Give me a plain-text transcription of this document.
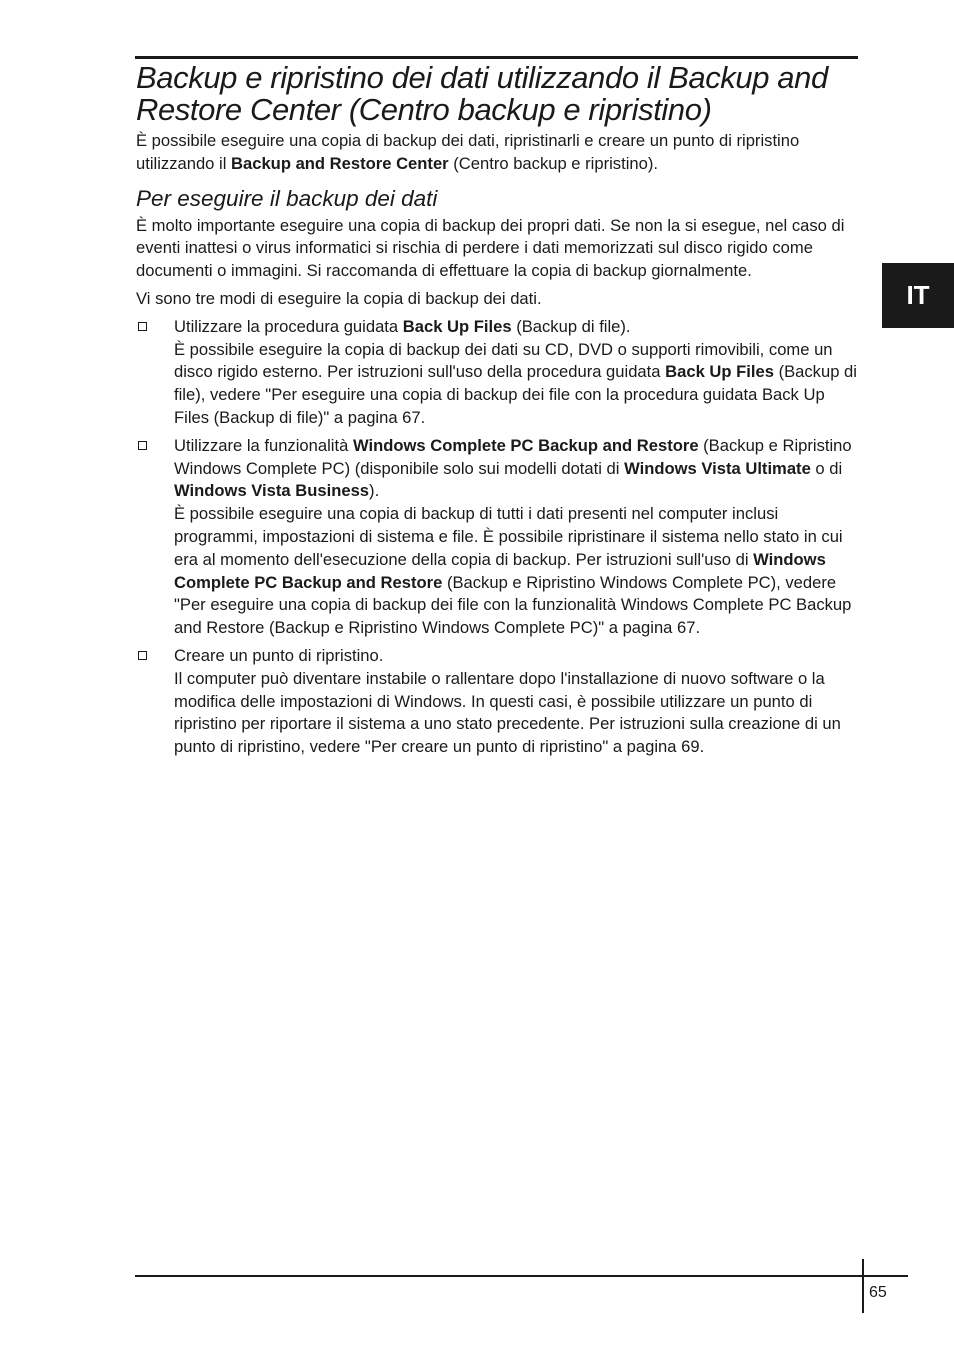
Backup e ripristino dei dati utilizzando il Backup and
Restore Center (Centro backup e ripristino)

È possibile eseguire una copia di backup dei dati, ripristinarli e creare un punto di ripristino utilizzando il Backup and Restore Center (Centro backup e ripristino).

Per eseguire il backup dei dati

È molto importante eseguire una copia di backup dei propri dati. Se non la si esegue, nel caso di eventi inattesi o virus informatici si rischia di perdere i dati memorizzati sul disco rigido come documenti o immagini. Si raccomanda di effettuare la copia di backup giornalmente.

Vi sono tre modi di eseguire la copia di backup dei dati.

Utilizzare la procedura guidata Back Up Files (Backup di file).
È possibile eseguire la copia di backup dei dati su CD, DVD o supporti rimovibili, come un disco rigido esterno. Per istruzioni sull'uso della procedura guidata Back Up Files (Backup di file), vedere "Per eseguire una copia di backup dei file con la procedura guidata Back Up Files (Backup di file)" a pagina 67.
Utilizzare la funzionalità Windows Complete PC Backup and Restore (Backup e Ripristino Windows Complete PC) (disponibile solo sui modelli dotati di Windows Vista Ultimate o di Windows Vista Business).
È possibile eseguire una copia di backup di tutti i dati presenti nel computer inclusi programmi, impostazioni di sistema e file. È possibile ripristinare il sistema nello stato in cui era al momento dell'esecuzione della copia di backup. Per istruzioni sull'uso di Windows Complete PC Backup and Restore (Backup e Ripristino Windows Complete PC), vedere "Per eseguire una copia di backup dei file con la funzionalità Windows Complete PC Backup and Restore (Backup e Ripristino Windows Complete PC)" a pagina 67.
Creare un punto di ripristino.
Il computer può diventare instabile o rallentare dopo l'installazione di nuovo software o la modifica delle impostazioni di Windows. In questi casi, è possibile utilizzare un punto di ripristino per riportare il sistema a uno stato precedente. Per istruzioni sulla creazione di un punto di ripristino, vedere "Per creare un punto di ripristino" a pagina 69.
IT
65
